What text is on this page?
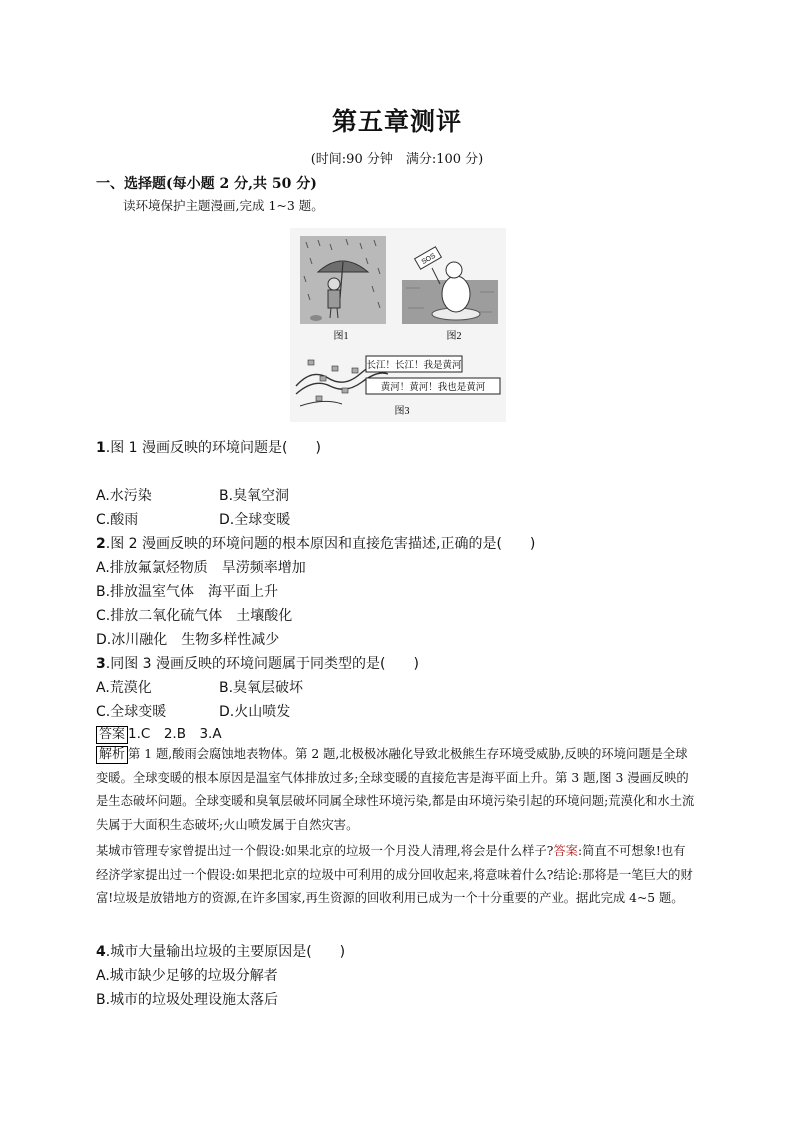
第五章测评
(时间:90 分钟　满分:100 分)
一、选择题(每小题 2 分,共 50 分)
读环境保护主题漫画,完成 1~3 题。
图1
SOS
图2
长江！长江！我是黄河
黄河！黄河！我也是黄河
图3
1.图 1 漫画反映的环境问题是(　　)
A.水污染	B.臭氧空洞
C.酸雨	D.全球变暖
2.图 2 漫画反映的环境问题的根本原因和直接危害描述,正确的是(　　)
A.排放氟氯烃物质　旱涝频率增加
B.排放温室气体　海平面上升
C.排放二氧化硫气体　土壤酸化
D.冰川融化　生物多样性减少
3.同图 3 漫画反映的环境问题属于同类型的是(　　)
A.荒漠化	B.臭氧层破坏
C.全球变暖	D.火山喷发
答案 1.C　2.B　3.A
解析 第 1 题,酸雨会腐蚀地表物体。第 2 题,北极极冰融化导致北极熊生存环境受威胁,反映的环境问题是全球变暖。全球变暖的根本原因是温室气体排放过多;全球变暖的直接危害是海平面上升。第 3 题,图 3 漫画反映的是生态破坏问题。全球变暖和臭氧层破坏同属全球性环境污染,都是由环境污染引起的环境问题;荒漠化和水土流失属于大面积生态破坏;火山喷发属于自然灾害。
某城市管理专家曾提出过一个假设:如果北京的垃圾一个月没人清理,将会是什么样子?答案:简直不可想象!也有经济学家提出过一个假设:如果把北京的垃圾中可利用的成分回收起来,将意味着什么?结论:那将是一笔巨大的财富!垃圾是放错地方的资源,在许多国家,再生资源的回收利用已成为一个十分重要的产业。据此完成 4~5 题。
4.城市大量输出垃圾的主要原因是(　　)
A.城市缺少足够的垃圾分解者
B.城市的垃圾处理设施太落后
